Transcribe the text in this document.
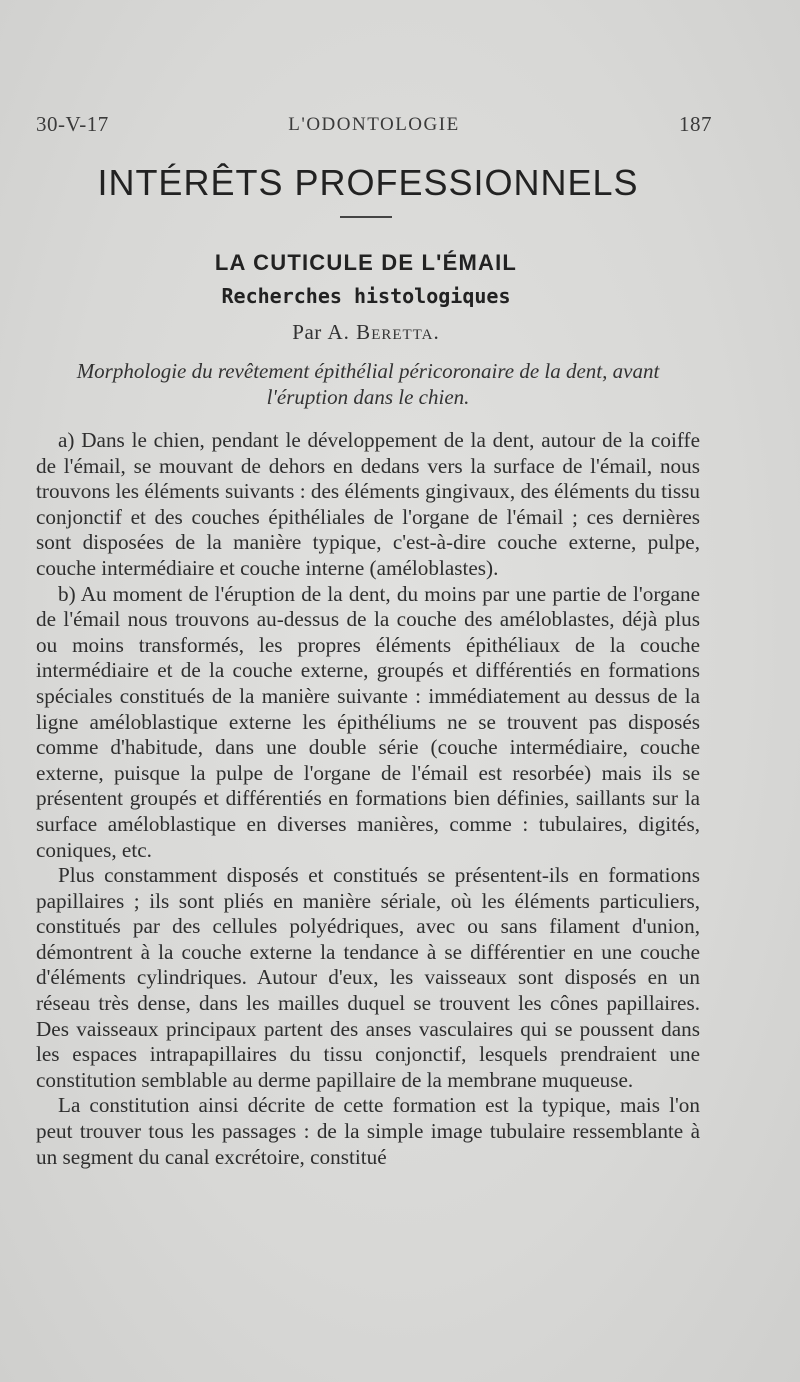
30-V-17	L'ODONTOLOGIE	187
INTÉRÊTS PROFESSIONNELS
LA CUTICULE DE L'ÉMAIL
Recherches histologiques
Par A. Beretta.
Morphologie du revêtement épithélial péricoronaire de la dent, avant l'éruption dans le chien.

a) Dans le chien, pendant le développement de la dent, autour de la coiffe de l'émail, se mouvant de dehors en dedans vers la surface de l'émail, nous trouvons les éléments suivants : des éléments gingivaux, des éléments du tissu conjonctif et des couches épithéliales de l'organe de l'émail ; ces dernières sont disposées de la manière typique, c'est-à-dire couche externe, pulpe, couche intermédiaire et couche interne (améloblastes).

b) Au moment de l'éruption de la dent, du moins par une partie de l'organe de l'émail nous trouvons au-dessus de la couche des améloblastes, déjà plus ou moins transformés, les propres éléments épithéliaux de la couche intermédiaire et de la couche externe, groupés et différentiés en formations spéciales constitués de la manière suivante : immédiatement au dessus de la ligne améloblastique externe les épithéliums ne se trouvent pas disposés comme d'habitude, dans une double série (couche intermédiaire, couche externe, puisque la pulpe de l'organe de l'émail est resorbée) mais ils se présentent groupés et différentiés en formations bien définies, saillants sur la surface améloblastique en diverses manières, comme : tubulaires, digités, coniques, etc.

Plus constamment disposés et constitués se présentent-ils en formations papillaires ; ils sont pliés en manière sériale, où les éléments particuliers, constitués par des cellules polyédriques, avec ou sans filament d'union, démontrent à la couche externe la tendance à se différentier en une couche d'éléments cylindriques. Autour d'eux, les vaisseaux sont disposés en un réseau très dense, dans les mailles duquel se trouvent les cônes papillaires. Des vaisseaux principaux partent des anses vasculaires qui se poussent dans les espaces intrapapillaires du tissu conjonctif, lesquels prendraient une constitution semblable au derme papillaire de la membrane muqueuse.

La constitution ainsi décrite de cette formation est la typique, mais l'on peut trouver tous les passages : de la simple image tubulaire ressemblante à un segment du canal excrétoire, constitué
